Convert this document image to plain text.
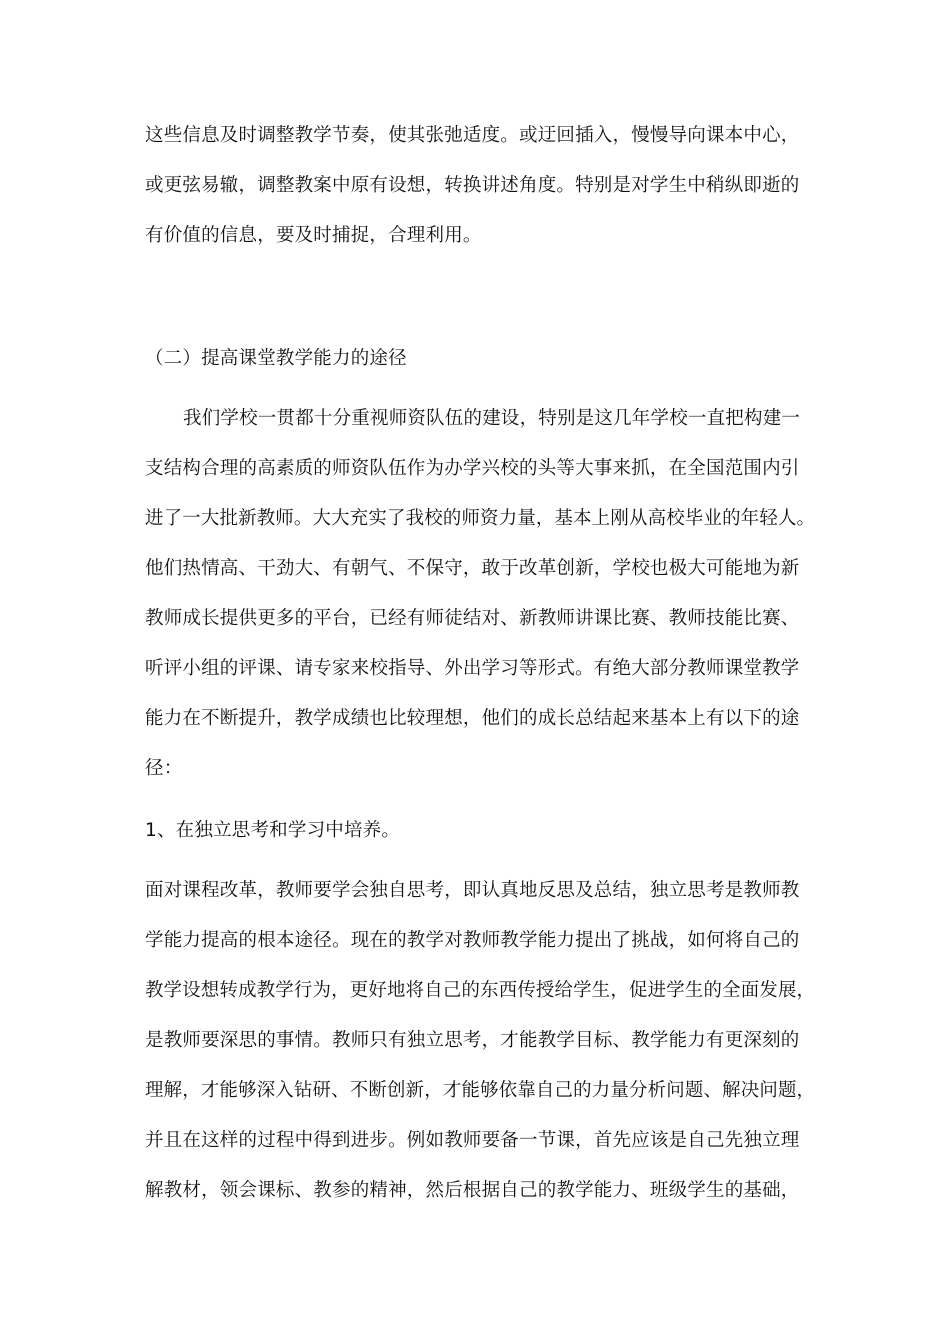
这些信息及时调整教学节奏，使其张弛适度。或迂回插入，慢慢导向课本中心，
或更弦易辙，调整教案中原有设想，转换讲述角度。特别是对学生中稍纵即逝的
有价值的信息，要及时捕捉，合理利用。
（二）提高课堂教学能力的途径
我们学校一贯都十分重视师资队伍的建设，特别是这几年学校一直把构建一
支结构合理的高素质的师资队伍作为办学兴校的头等大事来抓，在全国范围内引
进了一大批新教师。大大充实了我校的师资力量，基本上刚从高校毕业的年轻人。
他们热情高、干劲大、有朝气、不保守，敢于改革创新，学校也极大可能地为新
教师成长提供更多的平台，已经有师徒结对、新教师讲课比赛、教师技能比赛、
听评小组的评课、请专家来校指导、外出学习等形式。有绝大部分教师课堂教学
能力在不断提升，教学成绩也比较理想，他们的成长总结起来基本上有以下的途
径：
1、在独立思考和学习中培养。
面对课程改革，教师要学会独自思考，即认真地反思及总结，独立思考是教师教
学能力提高的根本途径。现在的教学对教师教学能力提出了挑战，如何将自己的
教学设想转成教学行为，更好地将自己的东西传授给学生，促进学生的全面发展，
是教师要深思的事情。教师只有独立思考，才能教学目标、教学能力有更深刻的
理解，才能够深入钻研、不断创新，才能够依靠自己的力量分析问题、解决问题，
并且在这样的过程中得到进步。例如教师要备一节课，首先应该是自己先独立理
解教材，领会课标、教参的精神，然后根据自己的教学能力、班级学生的基础，
